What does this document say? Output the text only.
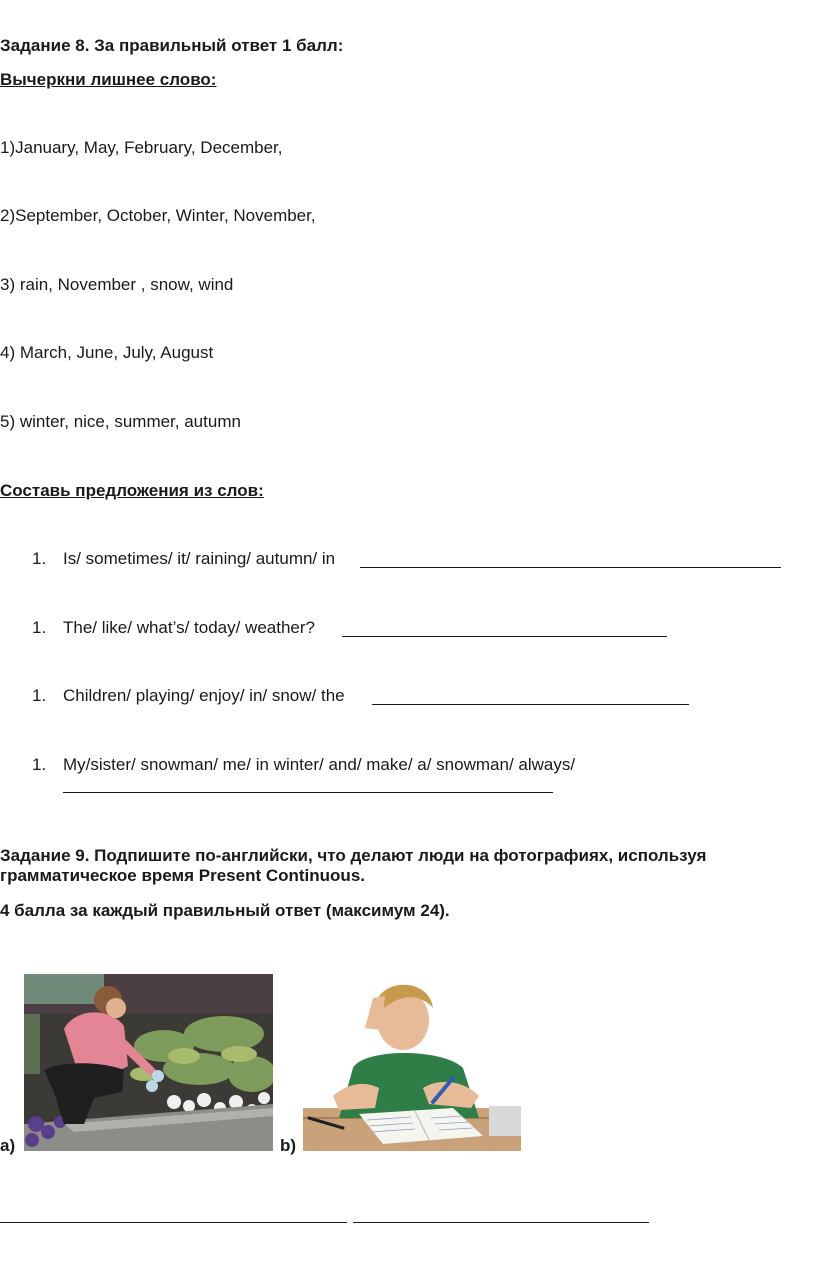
Задание 8. За правильный ответ 1 балл:
Вычеркни лишнее слово:
1)January, May, February, December,
2)September, October, Winter, November,
3) rain, November , snow, wind
4) March, June, July, August
5) winter, nice, summer, autumn
Составь предложения из слов:
1. Is/ sometimes/ it/ raining/ autumn/ in
1. The/ like/ what’s/ today/ weather?
1. Children/ playing/ enjoy/ in/ snow/ the
1. My/sister/ snowman/ me/ in winter/ and/ make/ a/ snowman/ always/
Задание 9. Подпишите по-английски, что делают люди на фотографиях, используя
грамматическое время Present Continuous.
4 балла за каждый правильный ответ (максимум 24).
a)	b)
